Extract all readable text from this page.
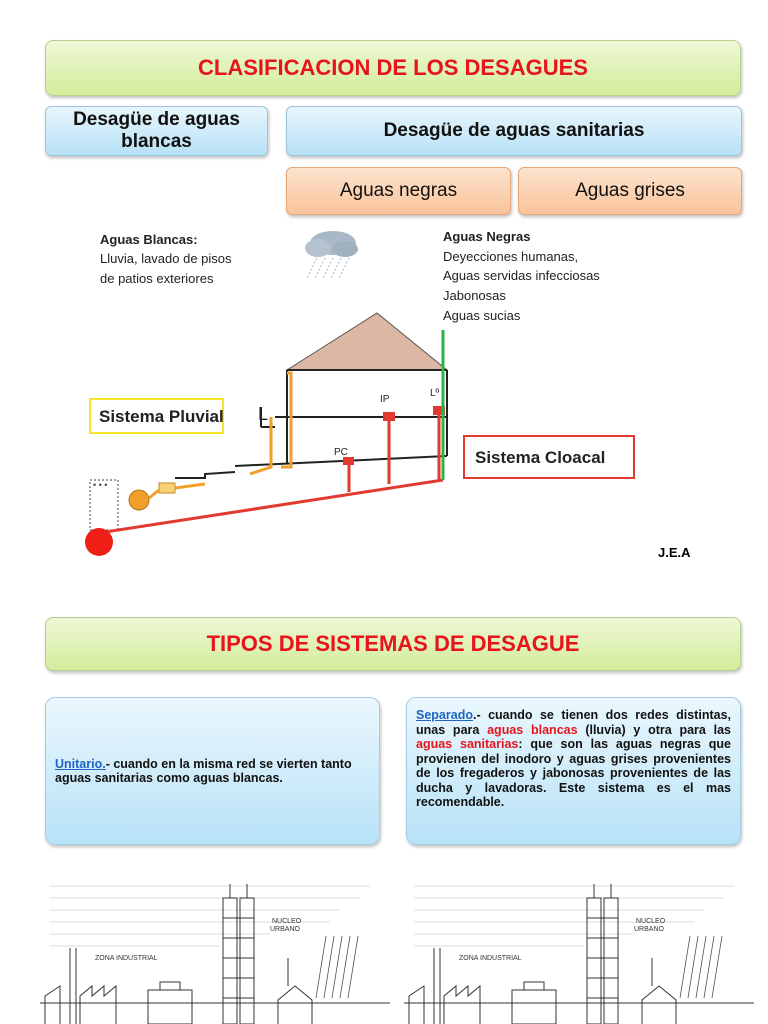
CLASIFICACION DE LOS DESAGUES
Desagüe de aguas blancas
Desagüe de aguas sanitarias
Aguas negras	Aguas grises
Aguas Blancas:
Lluvia, lavado de pisos
de patios exteriores
Aguas Negras
Deyecciones humanas,
Aguas servidas infecciosas
Jabonosas
Aguas sucias
• • •
IP
PC
Lº
L
Sistema Pluvial
Sistema Cloacal
J.E.A
TIPOS DE SISTEMAS DE DESAGUE
Unitario.- cuando en la misma red se vierten tanto aguas sanitarias como aguas blancas.
Separado.- cuando se tienen dos redes distintas, unas para aguas blancas (lluvia) y otra para las aguas sanitarias: que son las aguas negras que provienen del inodoro y aguas grises provenientes de los fregaderos y jabonosas provenientes de las ducha y lavadoras. Este sistema es el mas recomendable.
NUCLEO
URBANO
ZONA INDUSTRIAL
NUCLEO
URBANO
ZONA INDUSTRIAL
